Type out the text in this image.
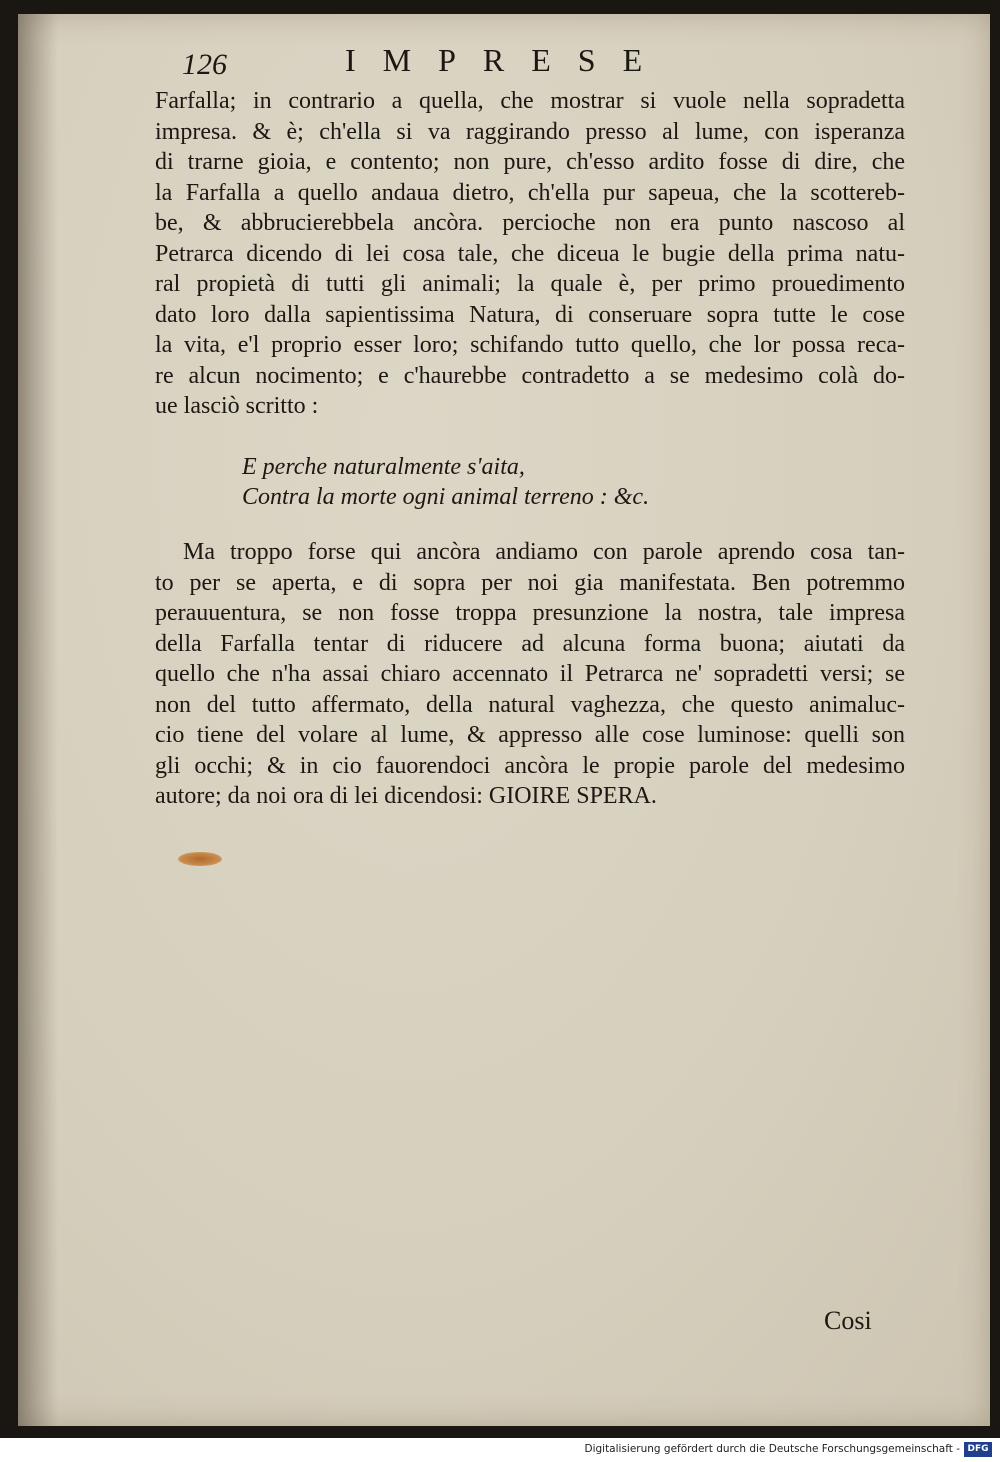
126	IMPRESE
Farfalla; in contrario a quella, che mostrar si vuole nella sopradetta
impresa. & è; ch'ella si va raggirando presso al lume, con isperanza
di trarne gioia, e contento; non pure, ch'esso ardito fosse di dire, che
la Farfalla a quello andaua dietro, ch'ella pur sapeua, che la scottereb-
be, & abbrucierebbela ancòra. percioche non era punto nascoso al
Petrarca dicendo di lei cosa tale, che diceua le bugie della prima natu-
ral propietà di tutti gli animali; la quale è, per primo prouedimento
dato loro dalla sapientissima Natura, di conseruare sopra tutte le cose
la vita, e'l proprio esser loro; schifando tutto quello, che lor possa reca-
re alcun nocimento; e c'haurebbe contradetto a se medesimo colà do-
ue lasciò scritto :
E perche naturalmente s'aita,
Contra la morte ogni animal terreno : &c.
Ma troppo forse qui ancòra andiamo con parole aprendo cosa tan-
to per se aperta, e di sopra per noi gia manifestata. Ben potremmo
perauuentura, se non fosse troppa presunzione la nostra, tale impresa
della Farfalla tentar di riducere ad alcuna forma buona; aiutati da
quello che n'ha assai chiaro accennato il Petrarca ne' sopradetti versi; se
non del tutto affermato, della natural vaghezza, che questo animaluc-
cio tiene del volare al lume, & appresso alle cose luminose: quelli son
gli occhi; & in cio fauorendoci ancòra le propie parole del medesimo
autore; da noi ora di lei dicendosi: GIOIRE SPERA.
Cosi
Digitalisierung gefördert durch die Deutsche Forschungsgemeinschaft - DFG
